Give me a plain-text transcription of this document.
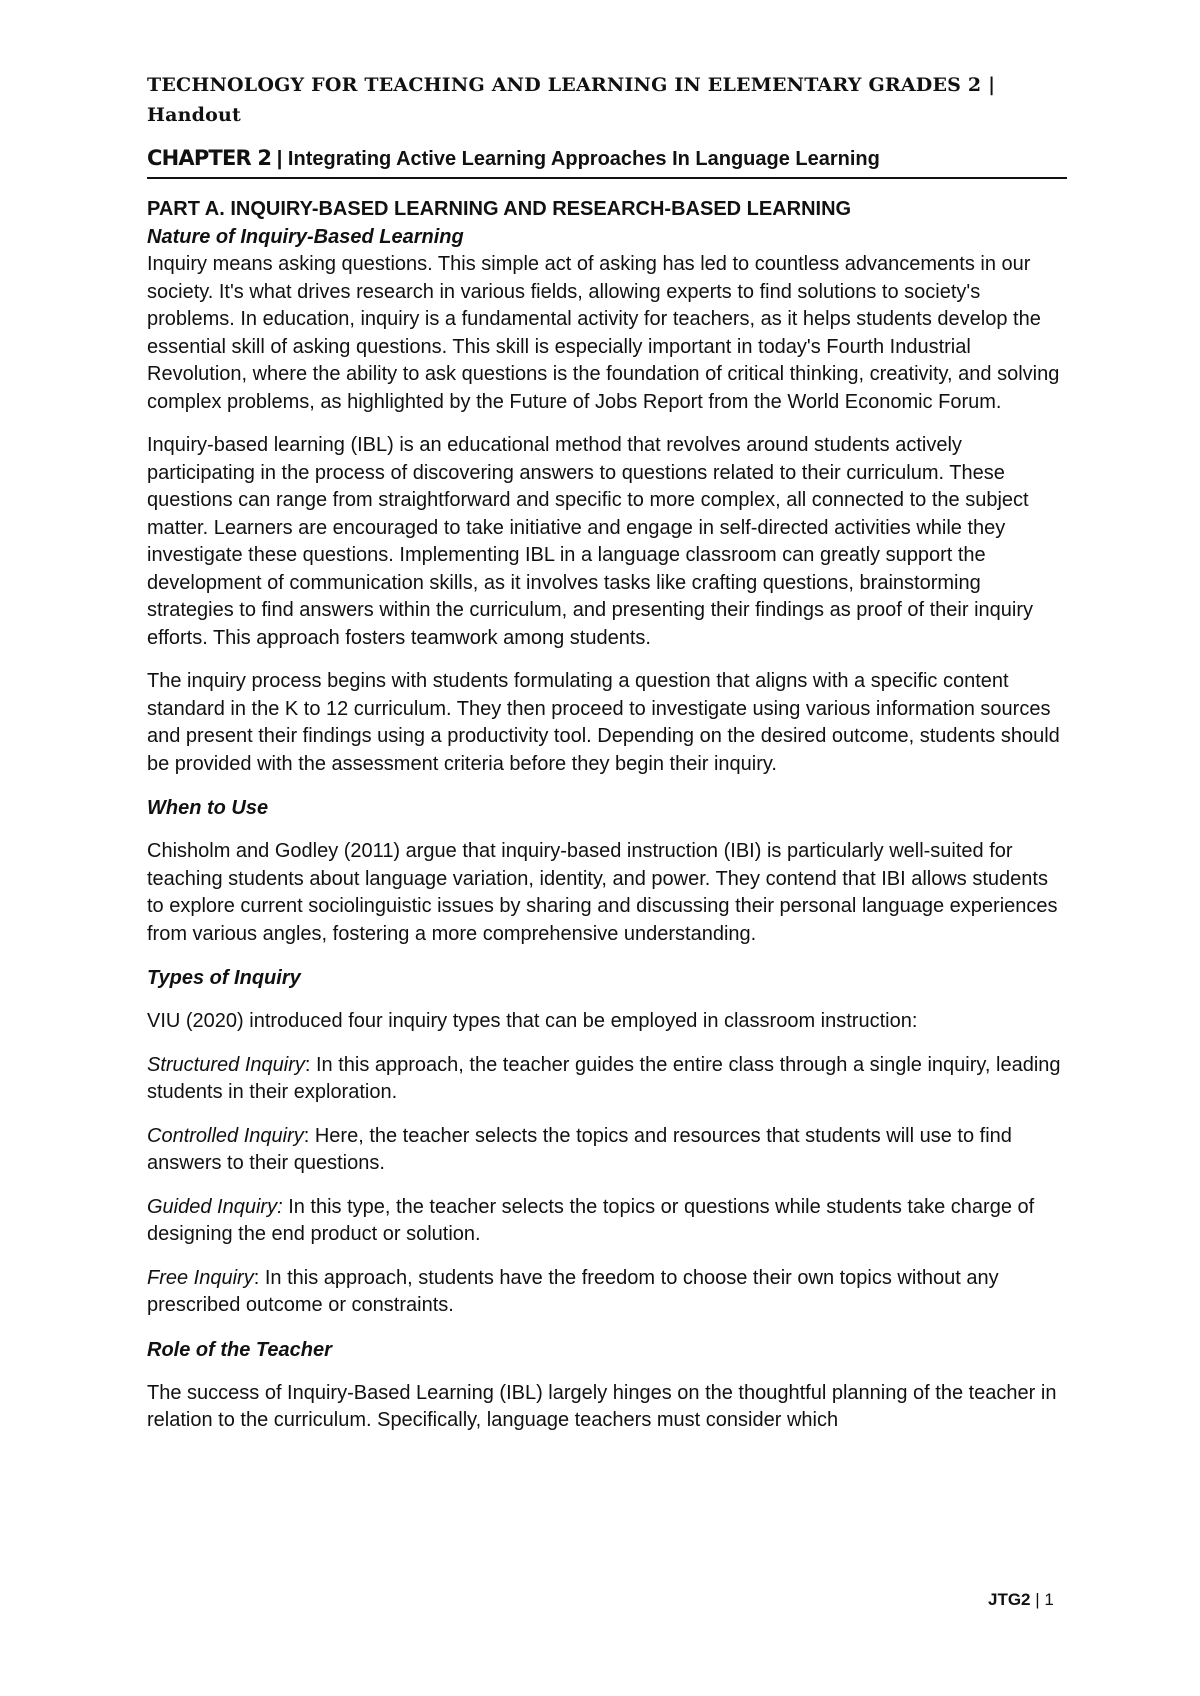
TECHNOLOGY FOR TEACHING AND LEARNING IN ELEMENTARY GRADES 2 |
Handout
CHAPTER 2 | Integrating Active Learning Approaches In Language Learning
PART A. INQUIRY-BASED LEARNING AND RESEARCH-BASED LEARNING
Nature of Inquiry-Based Learning

Inquiry means asking questions. This simple act of asking has led to countless advancements in our society. It's what drives research in various fields, allowing experts to find solutions to society's problems. In education, inquiry is a fundamental activity for teachers, as it helps students develop the essential skill of asking questions. This skill is especially important in today's Fourth Industrial Revolution, where the ability to ask questions is the foundation of critical thinking, creativity, and solving complex problems, as highlighted by the Future of Jobs Report from the World Economic Forum.

Inquiry-based learning (IBL) is an educational method that revolves around students actively participating in the process of discovering answers to questions related to their curriculum. These questions can range from straightforward and specific to more complex, all connected to the subject matter. Learners are encouraged to take initiative and engage in self-directed activities while they investigate these questions. Implementing IBL in a language classroom can greatly support the development of communication skills, as it involves tasks like crafting questions, brainstorming strategies to find answers within the curriculum, and presenting their findings as proof of their inquiry efforts. This approach fosters teamwork among students.

The inquiry process begins with students formulating a question that aligns with a specific content standard in the K to 12 curriculum. They then proceed to investigate using various information sources and present their findings using a productivity tool. Depending on the desired outcome, students should be provided with the assessment criteria before they begin their inquiry.

When to Use

Chisholm and Godley (2011) argue that inquiry-based instruction (IBI) is particularly well-suited for teaching students about language variation, identity, and power. They contend that IBI allows students to explore current sociolinguistic issues by sharing and discussing their personal language experiences from various angles, fostering a more comprehensive understanding.

Types of Inquiry

VIU (2020) introduced four inquiry types that can be employed in classroom instruction:

Structured Inquiry: In this approach, the teacher guides the entire class through a single inquiry, leading students in their exploration.

Controlled Inquiry: Here, the teacher selects the topics and resources that students will use to find answers to their questions.

Guided Inquiry: In this type, the teacher selects the topics or questions while students take charge of designing the end product or solution.

Free Inquiry: In this approach, students have the freedom to choose their own topics without any prescribed outcome or constraints.

Role of the Teacher

The success of Inquiry-Based Learning (IBL) largely hinges on the thoughtful planning of the teacher in relation to the curriculum. Specifically, language teachers must consider which

JTG2 | 1
